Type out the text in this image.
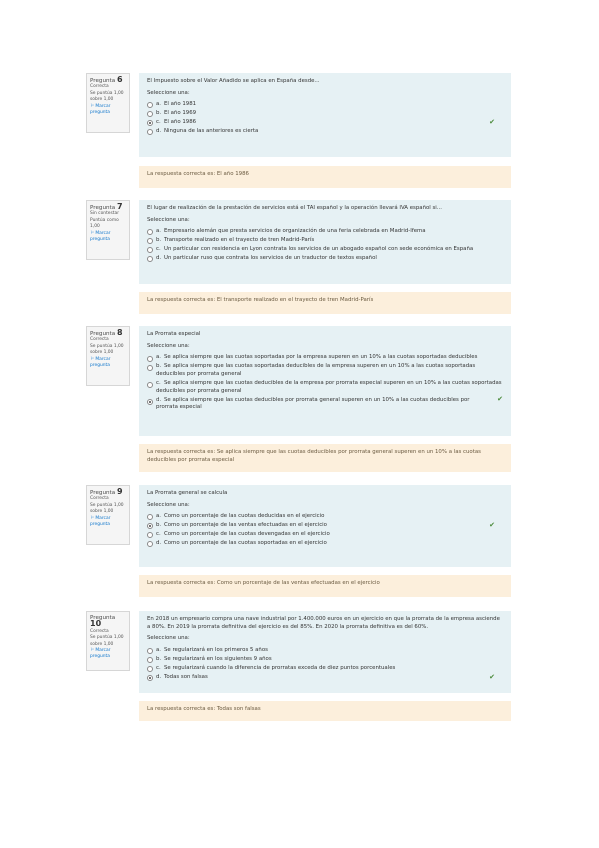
Pregunta 6
Correcta
Se puntúa 1,00 sobre 1,00
⚐ Marcar pregunta
El Impuesto sobre el Valor Añadido se aplica en España desde...
Seleccione una:
a. El año 1981
b. El año 1969
c. El año 1986	✔
d. Ninguna de las anteriores es cierta
La respuesta correcta es: El año 1986
Pregunta 7
Sin contestar
Puntúa como 1,00
⚐ Marcar pregunta
El lugar de realización de la prestación de servicios está el TAI español y la operación llevará IVA español si...
Seleccione una:
a. Empresario alemán que presta servicios de organización de una feria celebrada en Madrid-Ifema
b. Transporte realizado en el trayecto de tren Madrid-París
c. Un particular con residencia en Lyon contrata los servicios de un abogado español con sede económica en España
d. Un particular ruso que contrata los servicios de un traductor de textos español
La respuesta correcta es: El transporte realizado en el trayecto de tren Madrid-París
Pregunta 8
Correcta
Se puntúa 1,00 sobre 1,00
⚐ Marcar pregunta
La Prorrata especial
Seleccione una:
a. Se aplica siempre que las cuotas soportadas por la empresa superen en un 10% a las cuotas soportadas deducibles
b. Se aplica siempre que las cuotas soportadas deducibles de la empresa superen en un 10% a las cuotas soportadas deducibles por prorrata general
c. Se aplica siempre que las cuotas deducibles de la empresa por prorrata especial superen en un 10% a las cuotas soportadas deducibles por prorrata general
d. Se aplica siempre que las cuotas deducibles por prorrata general superen en un 10% a las cuotas deducibles por prorrata especial
✔
La respuesta correcta es: Se aplica siempre que las cuotas deducibles por prorrata general superen en un 10% a las cuotas deducibles por prorrata especial
Pregunta 9
Correcta
Se puntúa 1,00 sobre 1,00
⚐ Marcar pregunta
La Prorrata general se calcula
Seleccione una:
a. Como un porcentaje de las cuotas deducidas en el ejercicio
b. Como un porcentaje de las ventas efectuadas en el ejercicio	✔
c. Como un porcentaje de las cuotas devengadas en el ejercicio
d. Como un porcentaje de las cuotas soportadas en el ejercicio
La respuesta correcta es: Como un porcentaje de las ventas efectuadas en el ejercicio
Pregunta 10
Correcta
Se puntúa 1,00 sobre 1,00
⚐ Marcar pregunta
En 2018 un empresario compra una nave industrial por 1.400.000 euros en un ejercicio en que la prorrata de la empresa asciende a 80%. En 2019 la prorrata definitiva del ejercicio es del 85%. En 2020 la prorrata definitiva es del 60%.
Seleccione una:
a. Se regularizará en los primeros 5 años
b. Se regularizará en los siguientes 9 años
c. Se regularizará cuando la diferencia de prorratas exceda de diez puntos porcentuales
d. Todas son falsas	✔
La respuesta correcta es: Todas son falsas
